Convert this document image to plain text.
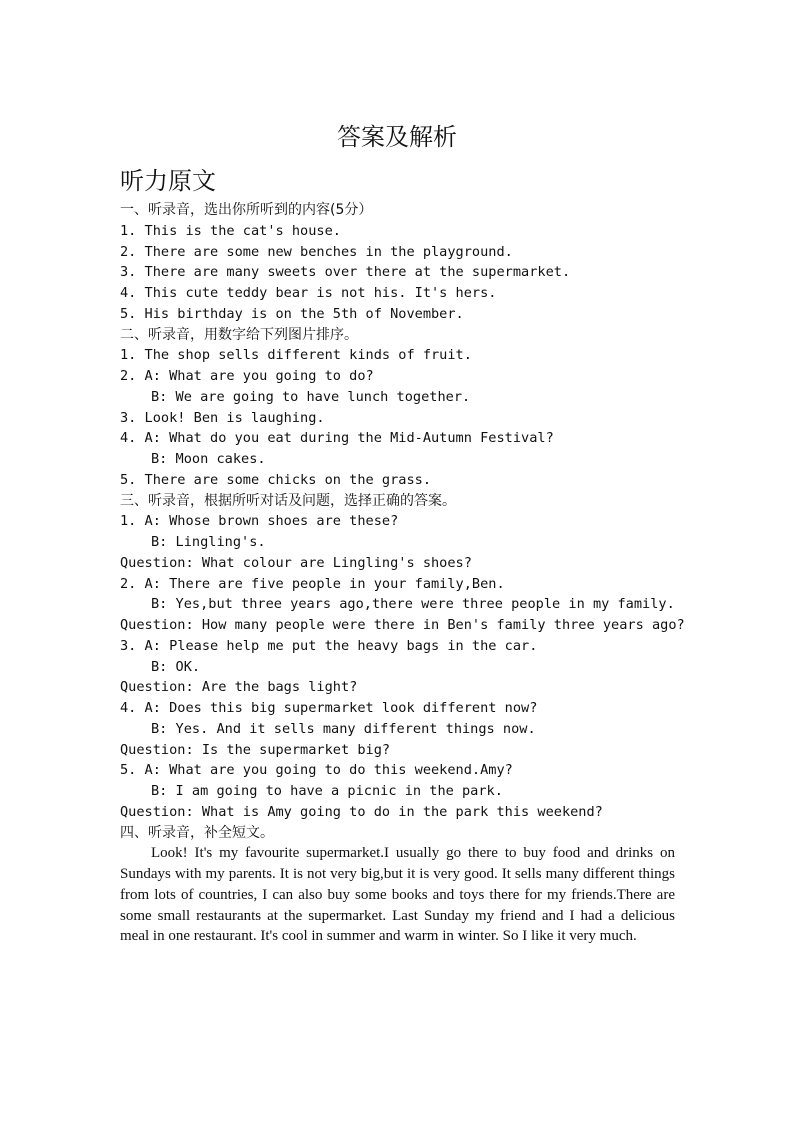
答案及解析
听力原文
一、听录音，选出你所听到的内容(5分）
1. This is the cat's house.
2. There are some new benches in the playground.
3. There are many sweets over there at the supermarket.
4. This cute teddy bear is not his. It's hers.
5. His birthday is on the 5th of November.
二、听录音，用数字给下列图片排序。
1. The shop sells different kinds of fruit.
2. A: What are you going to do?
B: We are going to have lunch together.
3. Look! Ben is laughing.
4. A: What do you eat during the Mid-Autumn Festival?
B: Moon cakes.
5. There are some chicks on the grass.
三、听录音，根据所听对话及问题，选择正确的答案。
1. A: Whose brown shoes are these?
B: Lingling's.
Question: What colour are Lingling's shoes?
2. A: There are five people in your family,Ben.
B: Yes,but three years ago,there were three people in my family.
Question: How many people were there in Ben's family three years ago?
3. A: Please help me put the heavy bags in the car.
B: OK.
Question: Are the bags light?
4. A: Does this big supermarket look different now?
B: Yes. And it sells many different things now.
Question: Is the supermarket big?
5. A: What are you going to do this weekend.Amy?
B: I am going to have a picnic in the park.
Question: What is Amy going to do in the park this weekend?
四、听录音，补全短文。

Look! It's my favourite supermarket.I usually go there to buy food and drinks on Sundays with my parents. It is not very big,but it is very good. It sells many different things from lots of countries, I can also buy some books and toys there for my friends.There are some small restaurants at the supermarket. Last Sunday my friend and I had a delicious meal in one restaurant. It's cool in summer and warm in winter. So I like it very much.
